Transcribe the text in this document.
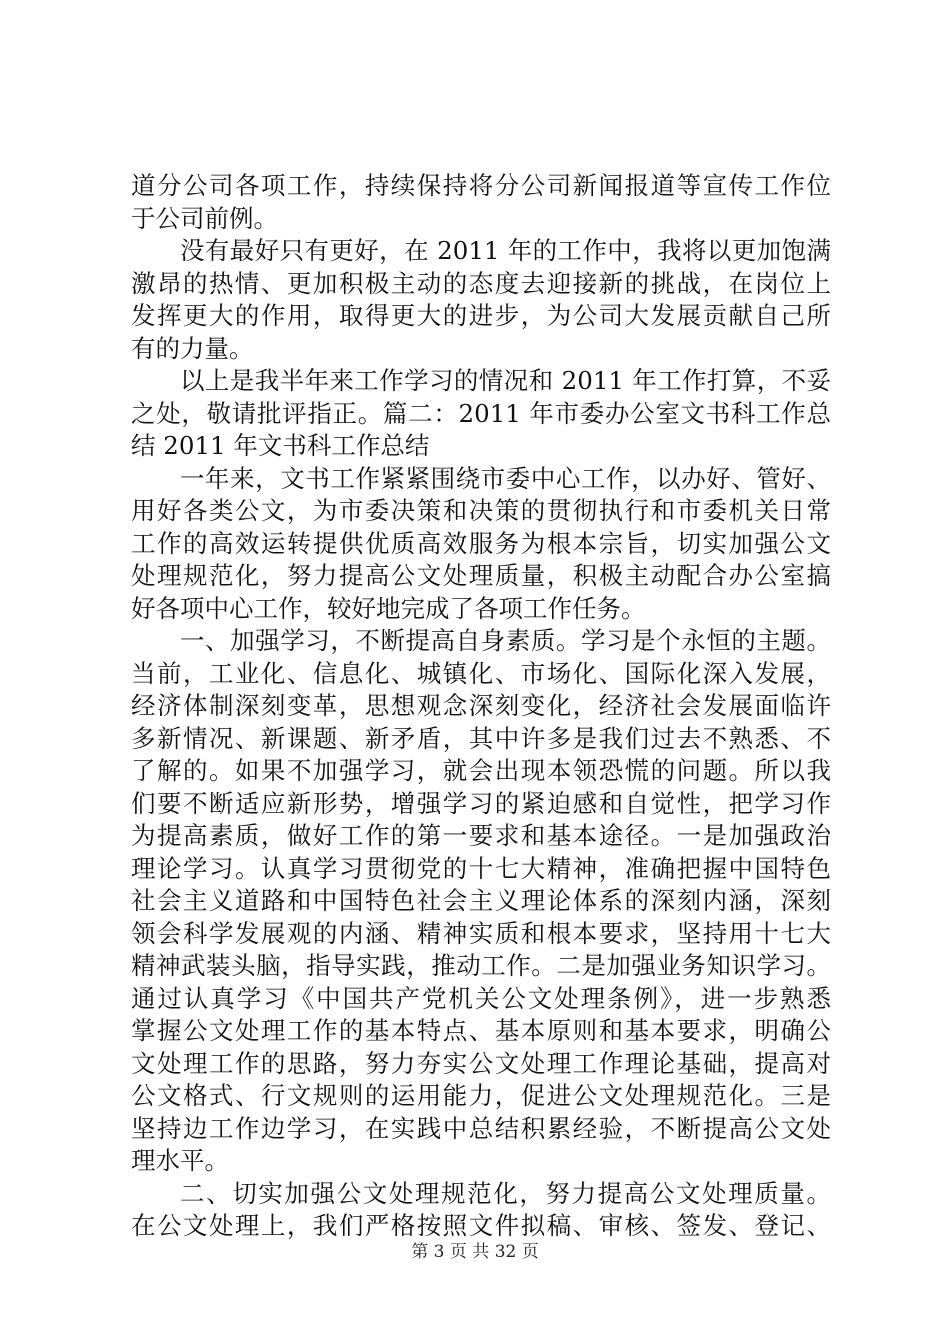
道分公司各项工作，持续保持将分公司新闻报道等宣传工作位
于公司前例。
没有最好只有更好，在 2011 年的工作中，我将以更加饱满
激昂的热情、更加积极主动的态度去迎接新的挑战，在岗位上
发挥更大的作用，取得更大的进步，为公司大发展贡献自己所
有的力量。
以上是我半年来工作学习的情况和 2011 年工作打算，不妥
之处，敬请批评指正。篇二：2011 年市委办公室文书科工作总
结 2011 年文书科工作总结
一年来，文书工作紧紧围绕市委中心工作，以办好、管好、
用好各类公文，为市委决策和决策的贯彻执行和市委机关日常
工作的高效运转提供优质高效服务为根本宗旨，切实加强公文
处理规范化，努力提高公文处理质量，积极主动配合办公室搞
好各项中心工作，较好地完成了各项工作任务。
一、加强学习，不断提高自身素质。学习是个永恒的主题。
当前，工业化、信息化、城镇化、市场化、国际化深入发展，
经济体制深刻变革，思想观念深刻变化，经济社会发展面临许
多新情况、新课题、新矛盾，其中许多是我们过去不熟悉、不
了解的。如果不加强学习，就会出现本领恐慌的问题。所以我
们要不断适应新形势，增强学习的紧迫感和自觉性，把学习作
为提高素质，做好工作的第一要求和基本途径。一是加强政治
理论学习。认真学习贯彻党的十七大精神，准确把握中国特色
社会主义道路和中国特色社会主义理论体系的深刻内涵，深刻
领会科学发展观的内涵、精神实质和根本要求，坚持用十七大
精神武装头脑，指导实践，推动工作。二是加强业务知识学习。
通过认真学习《中国共产党机关公文处理条例》，进一步熟悉
掌握公文处理工作的基本特点、基本原则和基本要求，明确公
文处理工作的思路，努力夯实公文处理工作理论基础，提高对
公文格式、行文规则的运用能力，促进公文处理规范化。三是
坚持边工作边学习，在实践中总结积累经验，不断提高公文处
理水平。
二、切实加强公文处理规范化，努力提高公文处理质量。
在公文处理上，我们严格按照文件拟稿、审核、签发、登记、
第 3 页 共 32 页
